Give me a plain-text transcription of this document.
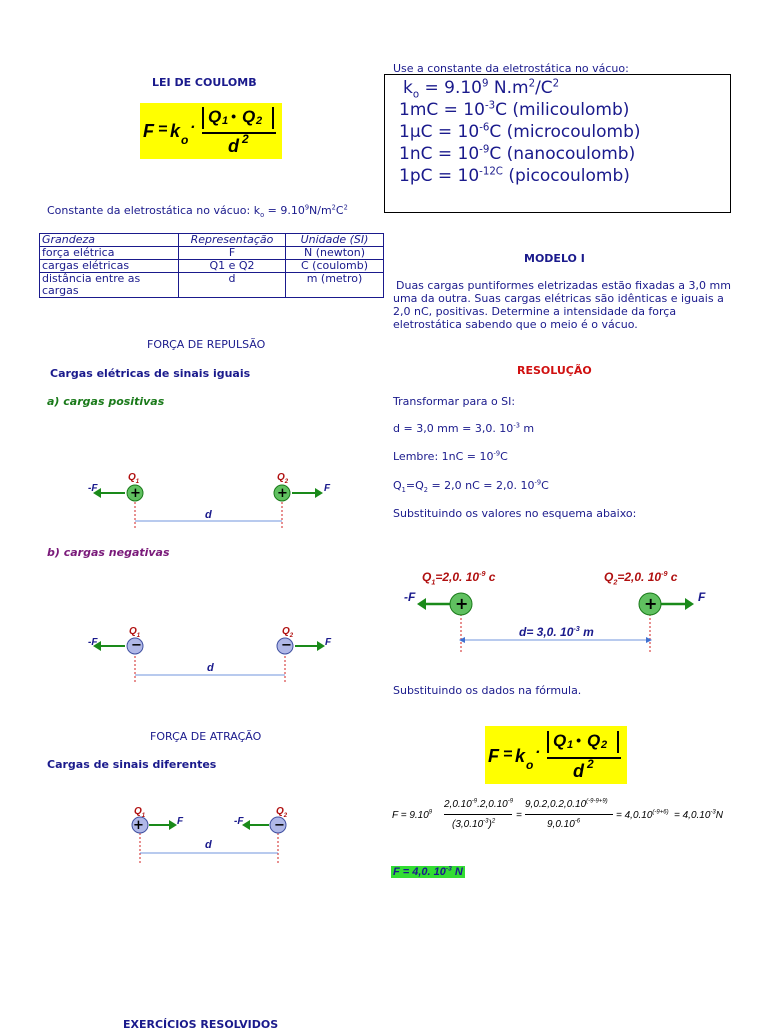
LEI DE COULOMB
F = k o
·
Q 1 • Q 2
d 2
Constante da eletrostática no vácuo: $k_o = 9.10^9N/m^2C^2$
Grandeza	Representação	Unidade (SI)
força elétrica	F	N (newton)
cargas elétricas	Q1 e Q2	C (coulomb)
distância entre as cargas	d	m (metro)
FORÇA DE REPULSÃO
Cargas elétricas de sinais iguais
a) cargas positivas
+	+
$Q_1$	$Q_2$
-F	F
d
b) cargas negativas
−	−
$Q_1$	$Q_2$
-F	F
d
FORÇA DE ATRAÇÃO
Cargas de sinais diferentes
+	−
$Q_1$	$Q_2$
F	-F
d
EXERCÍCIOS RESOLVIDOS
Use a constante da eletrostática no vácuo:
$k_o = 9.10^9$ $N.m^2/C^2$
$1mC = 10^{-3}C$ (milicoulomb)
$1\mu C = 10^{-6}C$ (microcoulomb)
$1nC = 10^{-9}C$ (nanocoulomb)
$1pC = 10^{-12C}$ (picocoulomb)
MODELO I
Duas cargas puntiformes eletrizadas estão fixadas a 3,0 mm uma da outra. Suas cargas elétricas são idênticas e iguais a 2,0 nC, positivas. Determine a intensidade da força eletrostática sabendo que o meio é o vácuo.
RESOLUÇÃO
Transformar para o SI:
d = 3,0 mm = 3,0. $10^{-3}$ m
Lembre: $1nC = 10^{-9}C$
$Q_1=Q_2 = 2,0$ nC = 2,0. $10^{-9}C$
Substituindo os valores no esquema abaixo:
+	+
$Q_1=2,0$. $10^{-9}$ c	$Q_2=2,0$. $10^{-9}$ c
-F	F
d= 3,0. $10^{-3}$ m
Substituindo os dados na fórmula.
F = k o
·
Q 1 • Q 2
d 2
$F = 9.10^9$
$2,0.10^{-9}.2,0.10^{-9}$
$(3,0.10^{-3})^2$
=
$9,0.2,0.2,0.10^{(-9-9+9)}$
$9,0.10^{-6}$
= $4,0.10^{(-9+6)} = 4,0.10^{-3}N$
F = 4,0. $10^{-3}$ N
